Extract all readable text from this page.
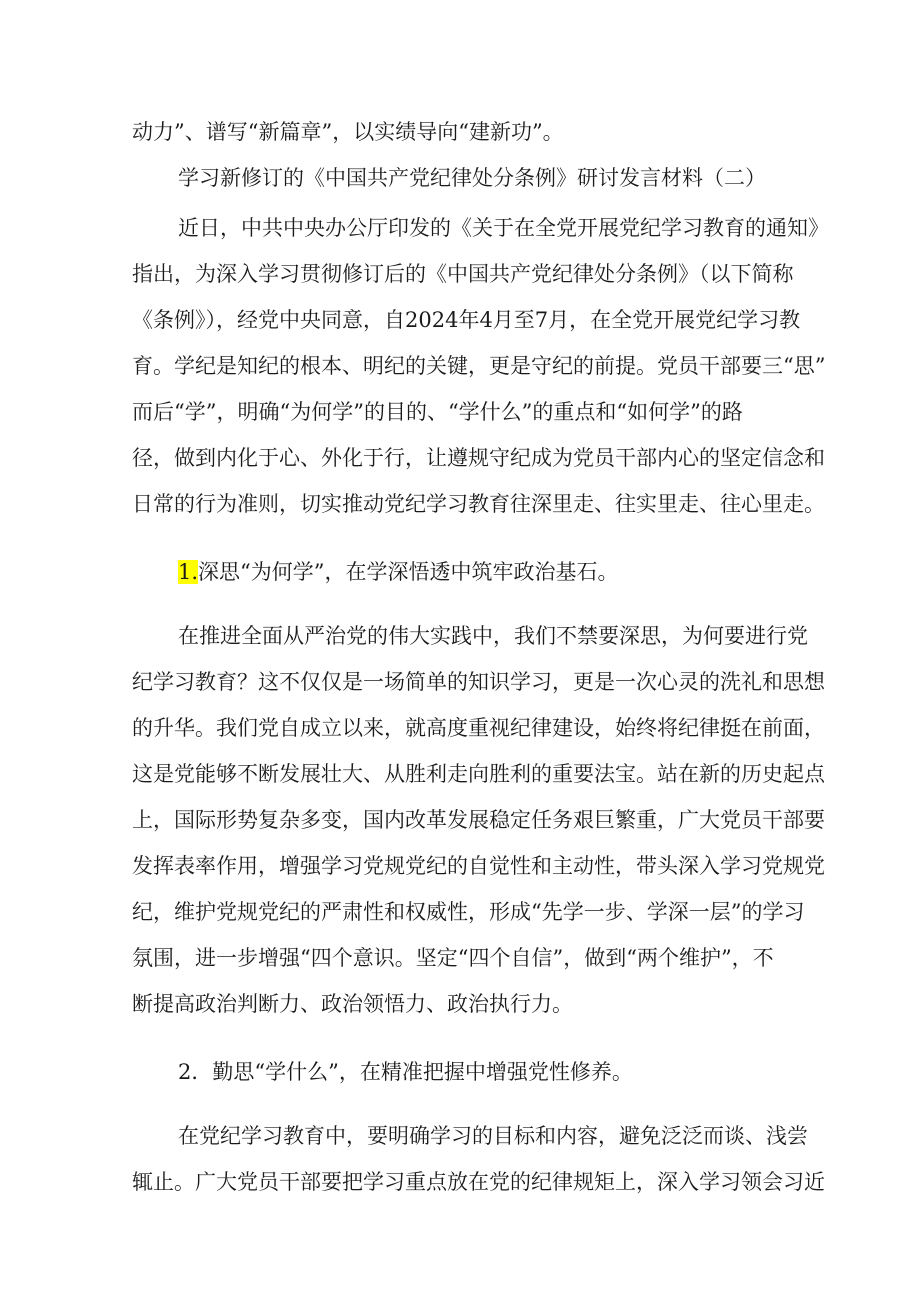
动力”、谱写“新篇章”，以实绩导向“建新功”。
学习新修订的《中国共产党纪律处分条例》研讨发言材料（二）
近日，中共中央办公厅印发的《关于在全党开展党纪学习教育的通知》
指出，为深入学习贯彻修订后的《中国共产党纪律处分条例》（以下简称
《条例》），经党中央同意，自2024年4月至7月，在全党开展党纪学习教
育。学纪是知纪的根本、明纪的关键，更是守纪的前提。党员干部要三“思”
而后“学”，明确“为何学”的目的、“学什么”的重点和“如何学”的路
径，做到内化于心、外化于行，让遵规守纪成为党员干部内心的坚定信念和
日常的行为准则，切实推动党纪学习教育往深里走、往实里走、往心里走。
1.深思“为何学”，在学深悟透中筑牢政治基石。
在推进全面从严治党的伟大实践中，我们不禁要深思，为何要进行党
纪学习教育？这不仅仅是一场简单的知识学习，更是一次心灵的洗礼和思想
的升华。我们党自成立以来，就高度重视纪律建设，始终将纪律挺在前面，
这是党能够不断发展壮大、从胜利走向胜利的重要法宝。站在新的历史起点
上，国际形势复杂多变，国内改革发展稳定任务艰巨繁重，广大党员干部要
发挥表率作用，增强学习党规党纪的自觉性和主动性，带头深入学习党规党
纪，维护党规党纪的严肃性和权威性，形成“先学一步、学深一层”的学习
氛围，进一步增强“四个意识。坚定“四个自信”，做到“两个维护”，不
断提高政治判断力、政治领悟力、政治执行力。
2．勤思“学什么”，在精准把握中增强党性修养。
在党纪学习教育中，要明确学习的目标和内容，避免泛泛而谈、浅尝
辄止。广大党员干部要把学习重点放在党的纪律规矩上，深入学习领会习近
